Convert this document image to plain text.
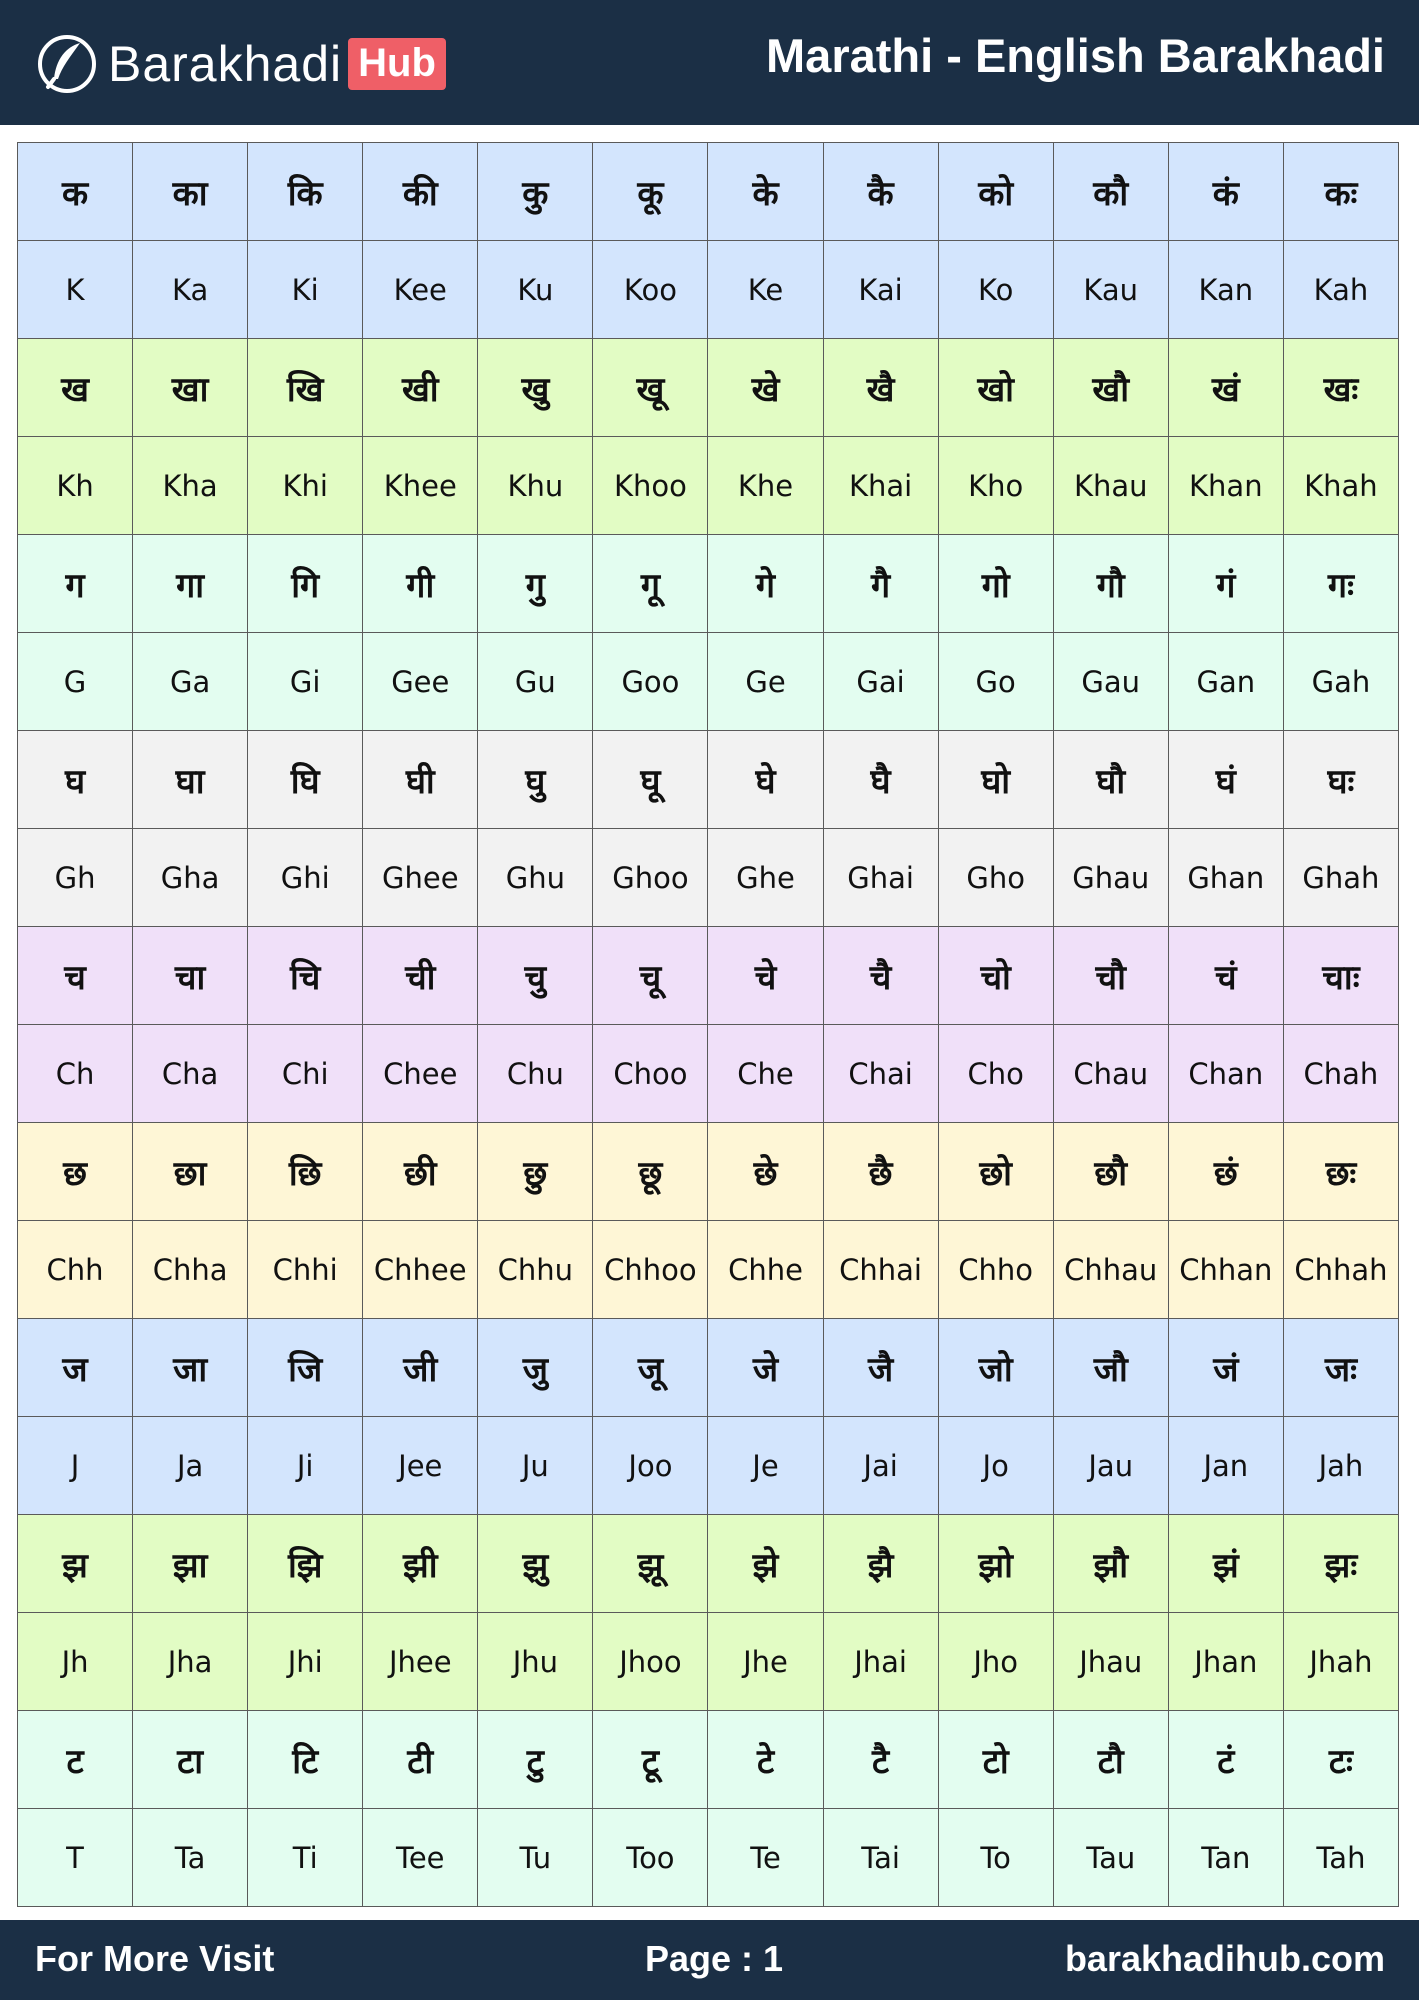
Barakhadi Hub	Marathi - English Barakhadi
क	का	कि	की	कु	कू	के	कै	को	कौ	कं	कः
K	Ka	Ki	Kee	Ku	Koo	Ke	Kai	Ko	Kau	Kan	Kah
ख	खा	खि	खी	खु	खू	खे	खै	खो	खौ	खं	खः
Kh	Kha	Khi	Khee	Khu	Khoo	Khe	Khai	Kho	Khau	Khan	Khah
ग	गा	गि	गी	गु	गू	गे	गै	गो	गौ	गं	गः
G	Ga	Gi	Gee	Gu	Goo	Ge	Gai	Go	Gau	Gan	Gah
घ	घा	घि	घी	घु	घू	घे	घै	घो	घौ	घं	घः
Gh	Gha	Ghi	Ghee	Ghu	Ghoo	Ghe	Ghai	Gho	Ghau	Ghan	Ghah
च	चा	चि	ची	चु	चू	चे	चै	चो	चौ	चं	चाः
Ch	Cha	Chi	Chee	Chu	Choo	Che	Chai	Cho	Chau	Chan	Chah
छ	छा	छि	छी	छु	छू	छे	छै	छो	छौ	छं	छः
Chh	Chha	Chhi	Chhee	Chhu	Chhoo	Chhe	Chhai	Chho	Chhau	Chhan	Chhah
ज	जा	जि	जी	जु	जू	जे	जै	जो	जौ	जं	जः
J	Ja	Ji	Jee	Ju	Joo	Je	Jai	Jo	Jau	Jan	Jah
झ	झा	झि	झी	झु	झू	झे	झै	झो	झौ	झं	झः
Jh	Jha	Jhi	Jhee	Jhu	Jhoo	Jhe	Jhai	Jho	Jhau	Jhan	Jhah
ट	टा	टि	टी	टु	टू	टे	टै	टो	टौ	टं	टः
T	Ta	Ti	Tee	Tu	Too	Te	Tai	To	Tau	Tan	Tah
For More Visit	Page : 1	barakhadihub.com
